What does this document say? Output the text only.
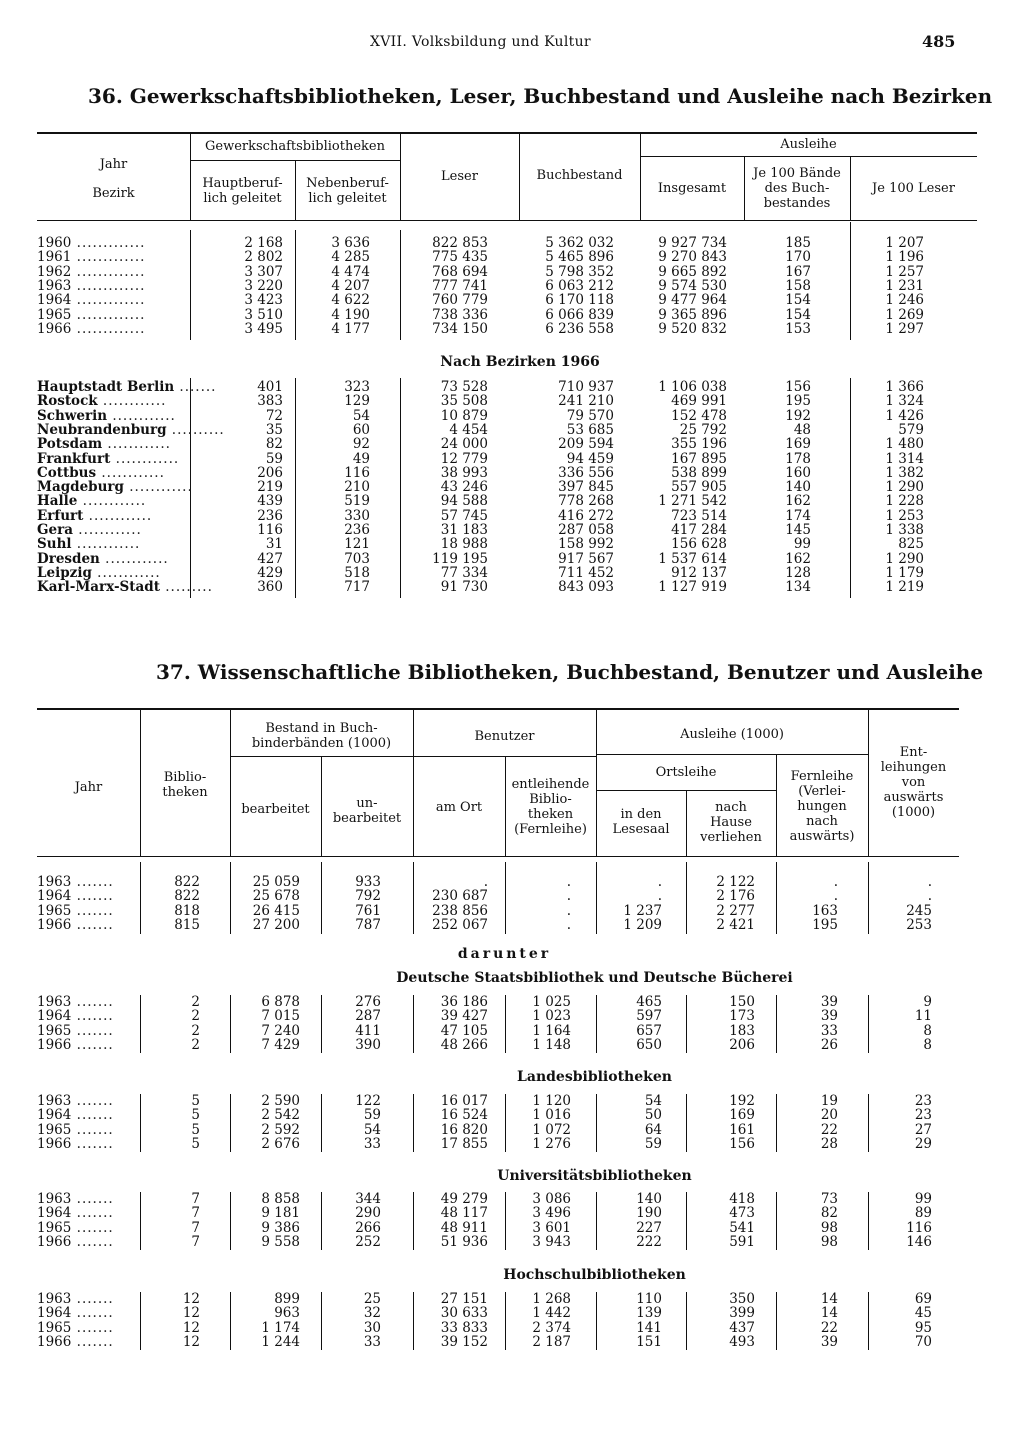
XVII. Volksbildung und Kultur	485
36. Gewerkschaftsbibliotheken, Leser, Buchbestand und Ausleihe nach Bezirken
Jahr
Bezirk
Gewerkschaftsbibliotheken
Hauptberuf-
lich geleitet
Nebenberuf-
lich geleitet
Leser	Buchbestand
Ausleihe
Insgesamt
Je 100 Bände
des Buch-
bestandes
Je 100 Leser
1960 .............	2 168	3 636	822 853	5 362 032	9 927 734	185	1 207
1961 .............	2 802	4 285	775 435	5 465 896	9 270 843	170	1 196
1962 .............	3 307	4 474	768 694	5 798 352	9 665 892	167	1 257
1963 .............	3 220	4 207	777 741	6 063 212	9 574 530	158	1 231
1964 .............	3 423	4 622	760 779	6 170 118	9 477 964	154	1 246
1965 .............	3 510	4 190	738 336	6 066 839	9 365 896	154	1 269
1966 .............	3 495	4 177	734 150	6 236 558	9 520 832	153	1 297
Nach Bezirken 1966
Hauptstadt Berlin .......	401	323	73 528	710 937	1 106 038	156	1 366
Rostock ............	383	129	35 508	241 210	469 991	195	1 324
Schwerin ............	72	54	10 879	79 570	152 478	192	1 426
Neubrandenburg ..........	35	60	4 454	53 685	25 792	48	579
Potsdam ............	82	92	24 000	209 594	355 196	169	1 480
Frankfurt ............	59	49	12 779	94 459	167 895	178	1 314
Cottbus ............	206	116	38 993	336 556	538 899	160	1 382
Magdeburg ............	219	210	43 246	397 845	557 905	140	1 290
Halle ............	439	519	94 588	778 268	1 271 542	162	1 228
Erfurt ............	236	330	57 745	416 272	723 514	174	1 253
Gera ............	116	236	31 183	287 058	417 284	145	1 338
Suhl ............	31	121	18 988	158 992	156 628	99	825
Dresden ............	427	703	119 195	917 567	1 537 614	162	1 290
Leipzig ............	429	518	77 334	711 452	912 137	128	1 179
Karl-Marx-Stadt .........	360	717	91 730	843 093	1 127 919	134	1 219
37. Wissenschaftliche Bibliotheken, Buchbestand, Benutzer und Ausleihe
Jahr
Biblio-
theken
Bestand in Buch-
binderbänden (1000)
bearbeitet	un-
bearbeitet
Benutzer
am Ort
entleihende
Biblio-
theken
(Fernleihe)
Ausleihe (1000)
Ortsleihe
in den
Lesesaal
nach
Hause
verliehen
Fernleihe
(Verlei-
hungen
nach
auswärts)
Ent-
leihungen
von
auswärts
(1000)
1963 .......	822	25 059	933	.	.	.	2 122	.	.
1964 .......	822	25 678	792	230 687	.	.	2 176	.	.
1965 .......	818	26 415	761	238 856	.	1 237	2 277	163	245
1966 .......	815	27 200	787	252 067	.	1 209	2 421	195	253
Deutsche Staatsbibliothek und Deutsche Bücherei
1963 .......	2	6 878	276	36 186	1 025	465	150	39	9
1964 .......	2	7 015	287	39 427	1 023	597	173	39	11
1965 .......	2	7 240	411	47 105	1 164	657	183	33	8
1966 .......	2	7 429	390	48 266	1 148	650	206	26	8
Landesbibliotheken
1963 .......	5	2 590	122	16 017	1 120	54	192	19	23
1964 .......	5	2 542	59	16 524	1 016	50	169	20	23
1965 .......	5	2 592	54	16 820	1 072	64	161	22	27
1966 .......	5	2 676	33	17 855	1 276	59	156	28	29
Universitätsbibliotheken
1963 .......	7	8 858	344	49 279	3 086	140	418	73	99
1964 .......	7	9 181	290	48 117	3 496	190	473	82	89
1965 .......	7	9 386	266	48 911	3 601	227	541	98	116
1966 .......	7	9 558	252	51 936	3 943	222	591	98	146
Hochschulbibliotheken
1963 .......	12	899	25	27 151	1 268	110	350	14	69
1964 .......	12	963	32	30 633	1 442	139	399	14	45
1965 .......	12	1 174	30	33 833	2 374	141	437	22	95
1966 .......	12	1 244	33	39 152	2 187	151	493	39	70
darunter
